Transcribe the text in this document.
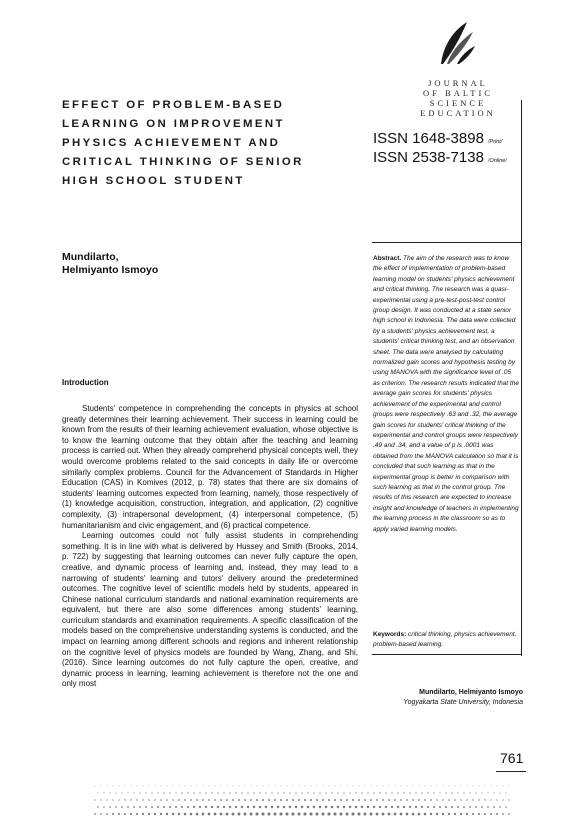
JOURNAL
OF BALTIC
SCIENCE
EDUCATION
EFFECT OF PROBLEM-BASED
LEARNING ON IMPROVEMENT
PHYSICS ACHIEVEMENT AND
CRITICAL THINKING OF SENIOR
HIGH SCHOOL STUDENT
ISSN 1648-3898 /Print/
ISSN 2538-7138 /Online/
Mundilarto,
Helmiyanto Ismoyo

Abstract. The aim of the research was to know the effect of implementation of problem-based learning model on students' physics achievement and critical thinking. The research was a quasi-experimental using a pre-test-post-test control group design. It was conducted at a state senior high school in Indonesia. The data were collected by a students' physics achievement test, a students' critical thinking test, and an observation sheet. The data were analysed by calculating normalized gain scores and hypothesis testing by using MANOVA with the significance level of .05 as criterion. The research results indicated that the average gain scores for students' physics achievement of the experimental and control groups were respectively .63 and .32, the average gain scores for students' critical thinking of the experimental and control groups were respectively .49 and .34, and a value of p is .0001 was obtained from the MANOVA calculation so that it is concluded that such learning as that in the experimental group is better in comparison with such learning as that in the control group. The results of this research are expected to increase insight and knowledge of teachers in implementing the learning process in the classroom so as to apply varied learning models.

Keywords: critical thinking, physics achievement, problem-based learning.
Mundilarto, Helmiyanto Ismoyo
Yogyakarta State University, Indonesia
Introduction

Students' competence in comprehending the concepts in physics at school greatly determines their learning achievement. Their success in learning could be known from the results of their learning achievement evaluation, whose objective is to know the learning outcome that they obtain after the teaching and learning process is carried out. When they already comprehend physical concepts well, they would overcome problems related to the said concepts in daily life or overcome similarly complex problems. Council for the Advancement of Standards in Higher Education (CAS) in Komives (2012, p. 78) states that there are six domains of students' learning outcomes expected from learning, namely, those respectively of (1) knowledge acquisition, construction, integration, and application, (2) cognitive complexity, (3) intrapersonal development, (4) interpersonal competence, (5) humanitarianism and civic engagement, and (6) practical competence.

Learning outcomes could not fully assist students in comprehending something. It is in line with what is delivered by Hussey and Smith (Brooks, 2014, p. 722) by suggesting that learning outcomes can never fully capture the open, creative, and dynamic process of learning and, instead, they may lead to a narrowing of students' learning and tutors' delivery around the predetermined outcomes. The cognitive level of scientific models held by students, appeared in Chinese national curriculum standards and national examination requirements are equivalent, but there are also some differences among students' learning, curriculum standards and examination requirements. A specific classification of the models based on the comprehensive understanding systems is conducted, and the impact on learning among different schools and regions and inherent relationship on the cognitive level of physics models are founded by Wang, Zhang, and Shi, (2016). Since learning outcomes do not fully capture the open, creative, and dynamic process in learning, learning achievement is therefore not the one and only most

761
